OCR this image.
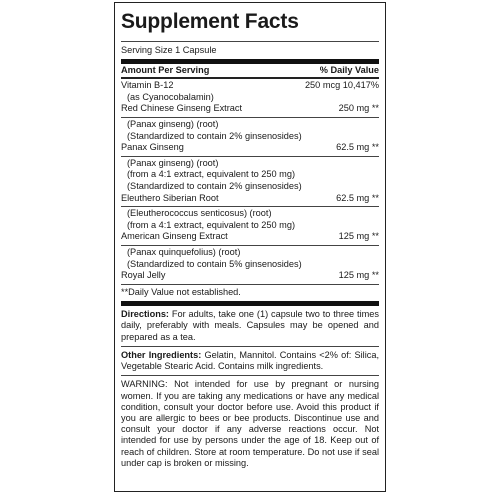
Supplement Facts
Serving Size 1 Capsule
Amount Per Serving	% Daily Value
Vitamin B-12	250 mcg 10,417%
(as Cyanocobalamin)
Red Chinese Ginseng Extract	250 mg **
(Panax ginseng) (root)
(Standardized to contain 2% ginsenosides)
Panax Ginseng	62.5 mg **
(Panax ginseng) (root)
(from a 4:1 extract, equivalent to 250 mg)
(Standardized to contain 2% ginsenosides)
Eleuthero Siberian Root	62.5 mg **
(Eleutherococcus senticosus) (root)
(from a 4:1 extract, equivalent to 250 mg)
American Ginseng Extract	125 mg **
(Panax quinquefolius) (root)
(Standardized to contain 5% ginsenosides)
Royal Jelly	125 mg **
**Daily Value not established.
Directions: For adults, take one (1) capsule two to three times daily, preferably with meals. Capsules may be opened and prepared as a tea.
Other Ingredients: Gelatin, Mannitol. Contains <2% of: Silica, Vegetable Stearic Acid. Contains milk ingredients.
WARNING: Not intended for use by pregnant or nursing women. If you are taking any medications or have any medical condition, consult your doctor before use. Avoid this product if you are allergic to bees or bee products. Discontinue use and consult your doctor if any adverse reactions occur. Not intended for use by persons under the age of 18. Keep out of reach of children. Store at room temperature. Do not use if seal under cap is broken or missing.
